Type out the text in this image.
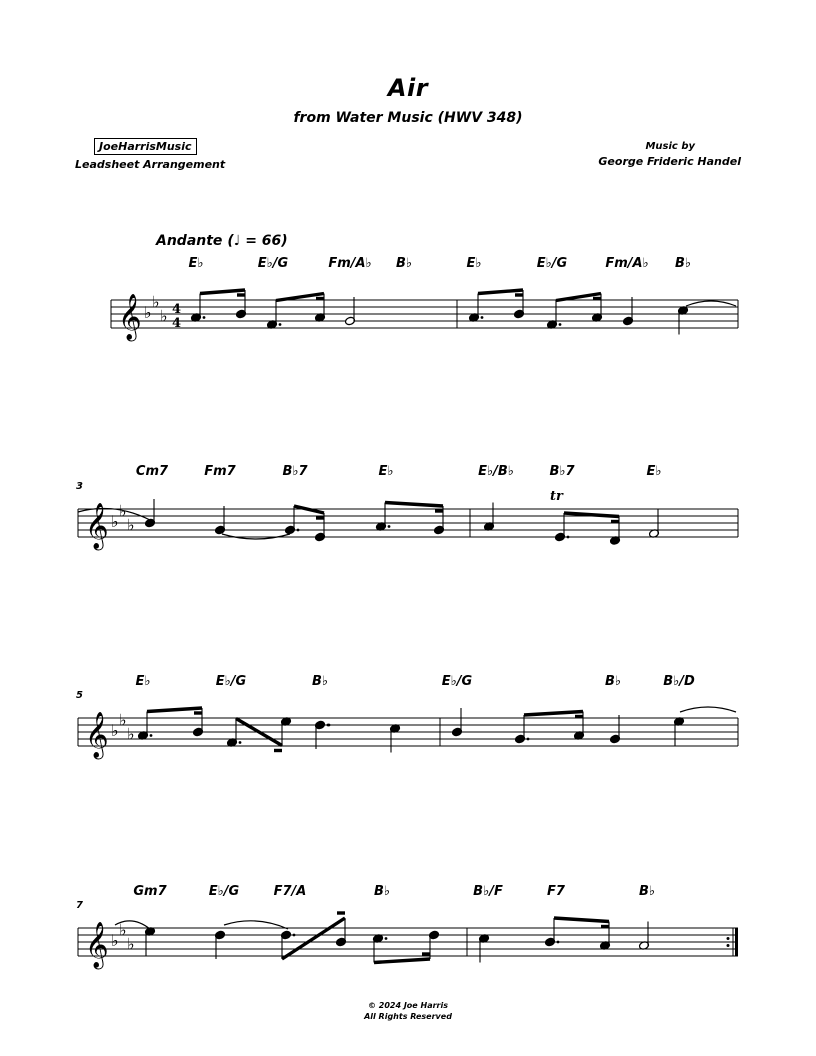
Air
from Water Music (HWV 348)
JoeHarrisMusic
Leadsheet Arrangement
Music by
George Frideric Handel
Andante (♩ = 66)
𝄞 ♭
♭
♭ 4
4
𝄞 ♭
♭
♭
𝄞 ♭
♭
♭
𝄞 ♭
♭
♭
tr
E♭	E♭/G	Fm/A♭ B♭	E♭	E♭/G	Fm/A♭ B♭
3
Cm7	Fm7	B♭7	E♭	E♭/B♭	B♭7	E♭
5
E♭	E♭/G	B♭	E♭/G	B♭	B♭/D
7
Gm7	E♭/G	F7/A	B♭	B♭/F	F7	B♭
© 2024 Joe Harris
All Rights Reserved
